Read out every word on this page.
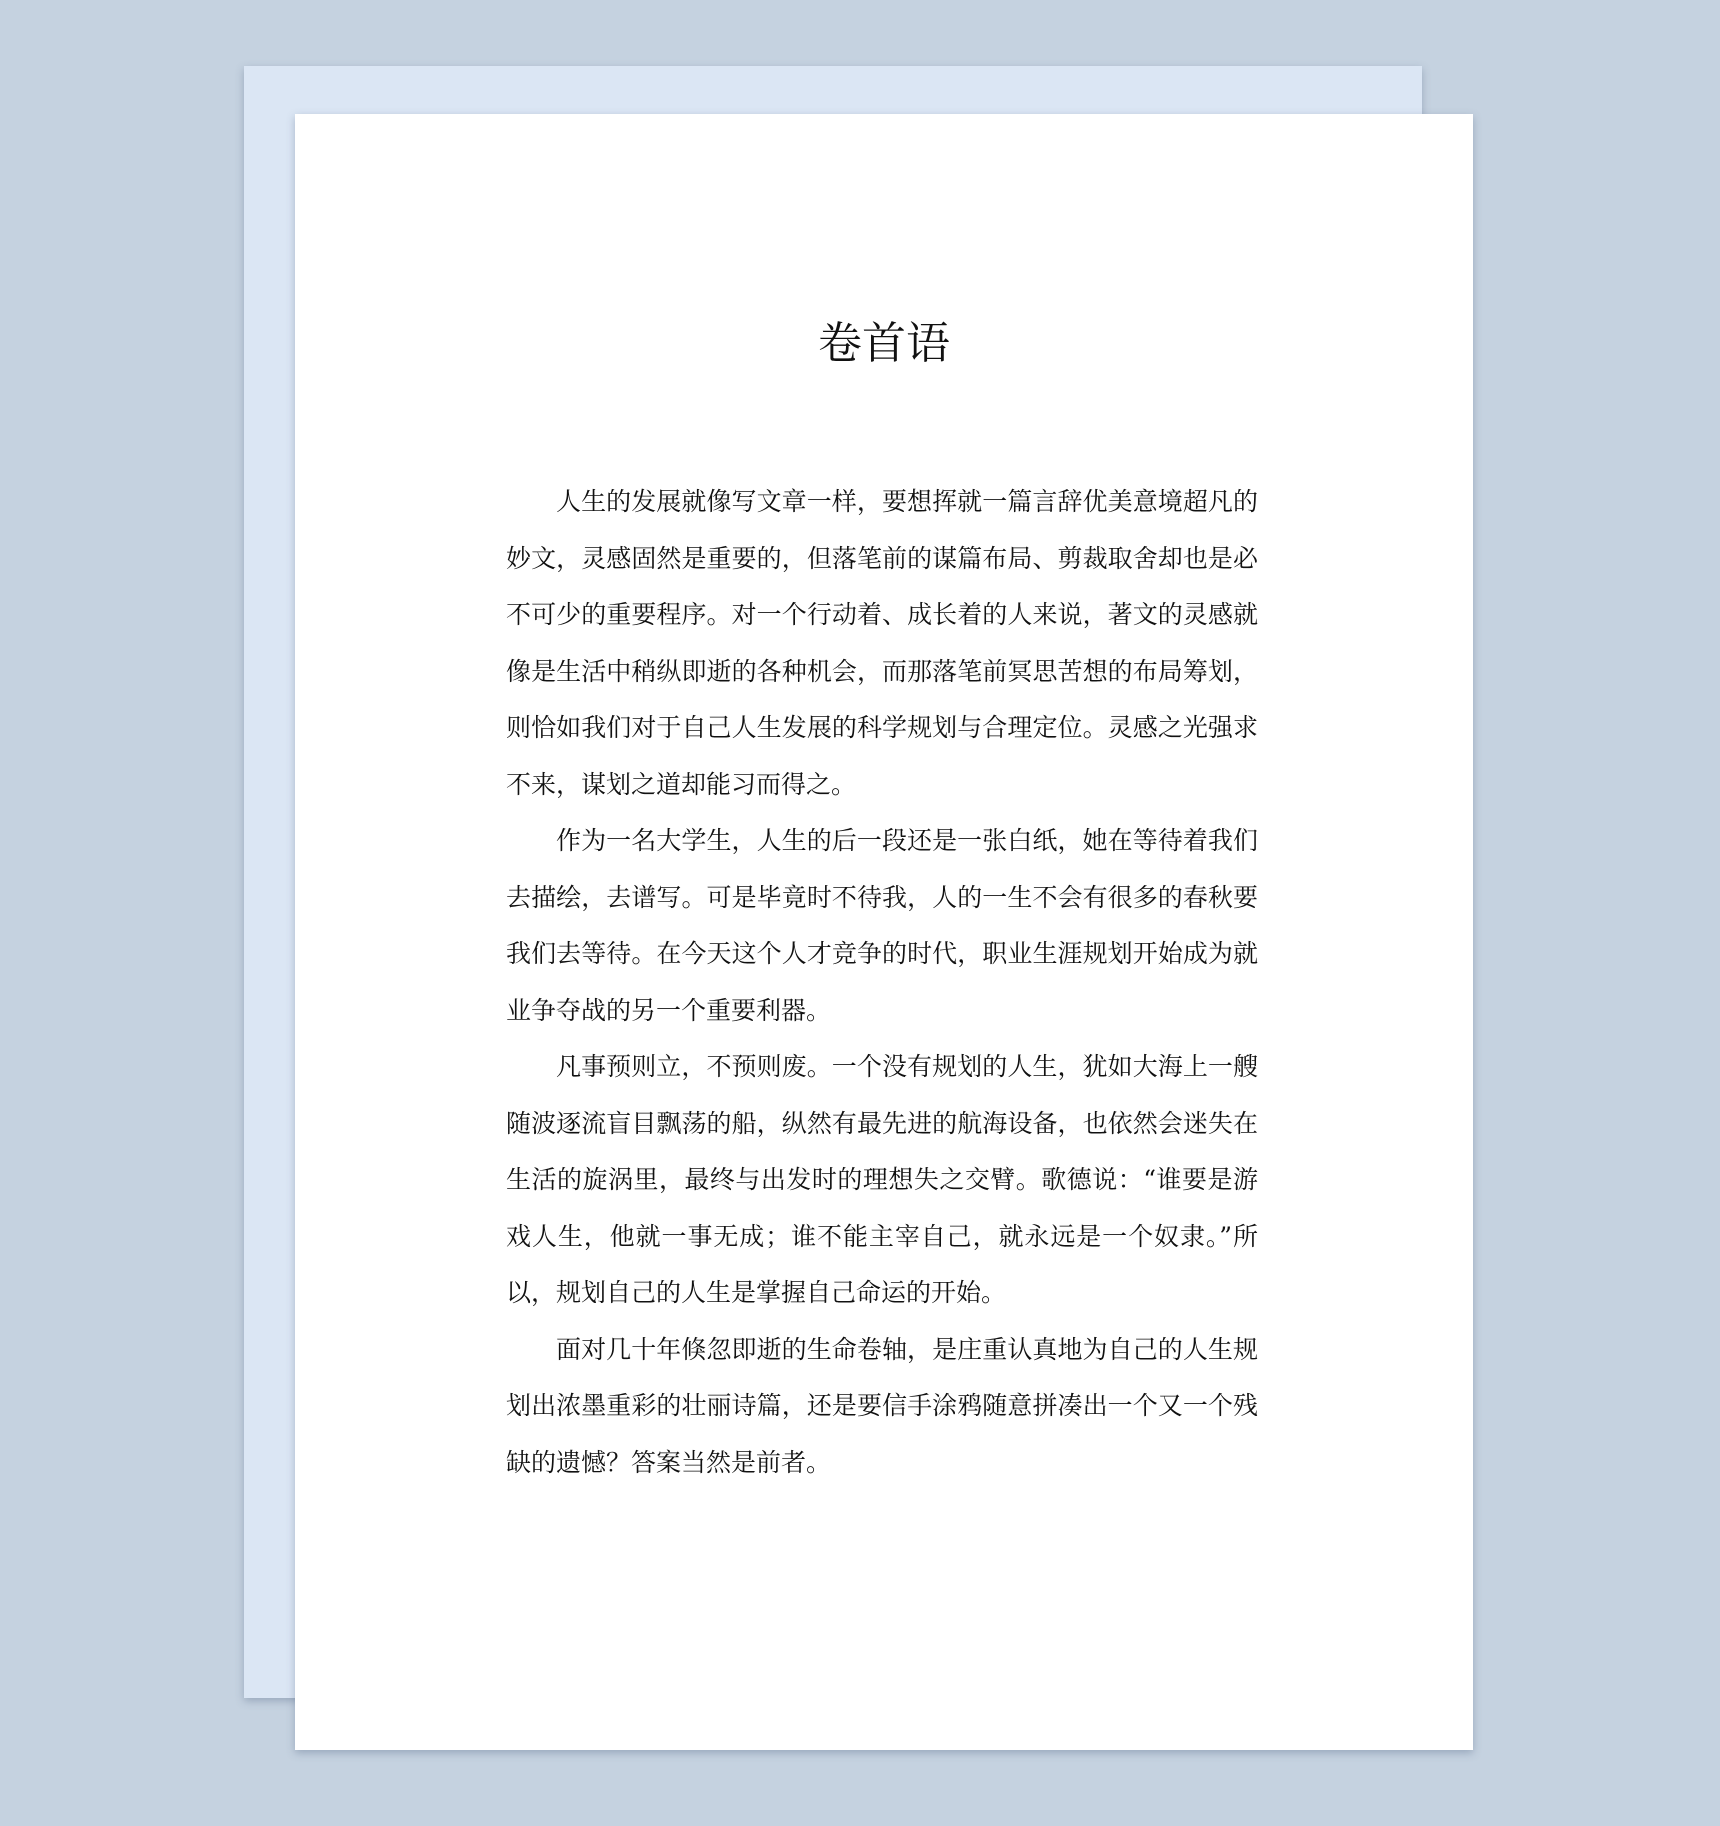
卷首语

人生的发展就像写文章一样，要想挥就一篇言辞优美意境超凡的妙文，灵感固然是重要的，但落笔前的谋篇布局、剪裁取舍却也是必不可少的重要程序。对一个行动着、成长着的人来说，著文的灵感就像是生活中稍纵即逝的各种机会，而那落笔前冥思苦想的布局筹划，则恰如我们对于自己人生发展的科学规划与合理定位。灵感之光强求不来，谋划之道却能习而得之。

作为一名大学生，人生的后一段还是一张白纸，她在等待着我们去描绘，去谱写。可是毕竟时不待我，人的一生不会有很多的春秋要我们去等待。在今天这个人才竞争的时代，职业生涯规划开始成为就业争夺战的另一个重要利器。

凡事预则立，不预则废。一个没有规划的人生，犹如大海上一艘随波逐流盲目飘荡的船，纵然有最先进的航海设备，也依然会迷失在生活的旋涡里，最终与出发时的理想失之交臂。歌德说：“谁要是游戏人生，他就一事无成；谁不能主宰自己，就永远是一个奴隶。”所以，规划自己的人生是掌握自己命运的开始。

面对几十年倏忽即逝的生命卷轴，是庄重认真地为自己的人生规划出浓墨重彩的壮丽诗篇，还是要信手涂鸦随意拼凑出一个又一个残缺的遗憾？答案当然是前者。
